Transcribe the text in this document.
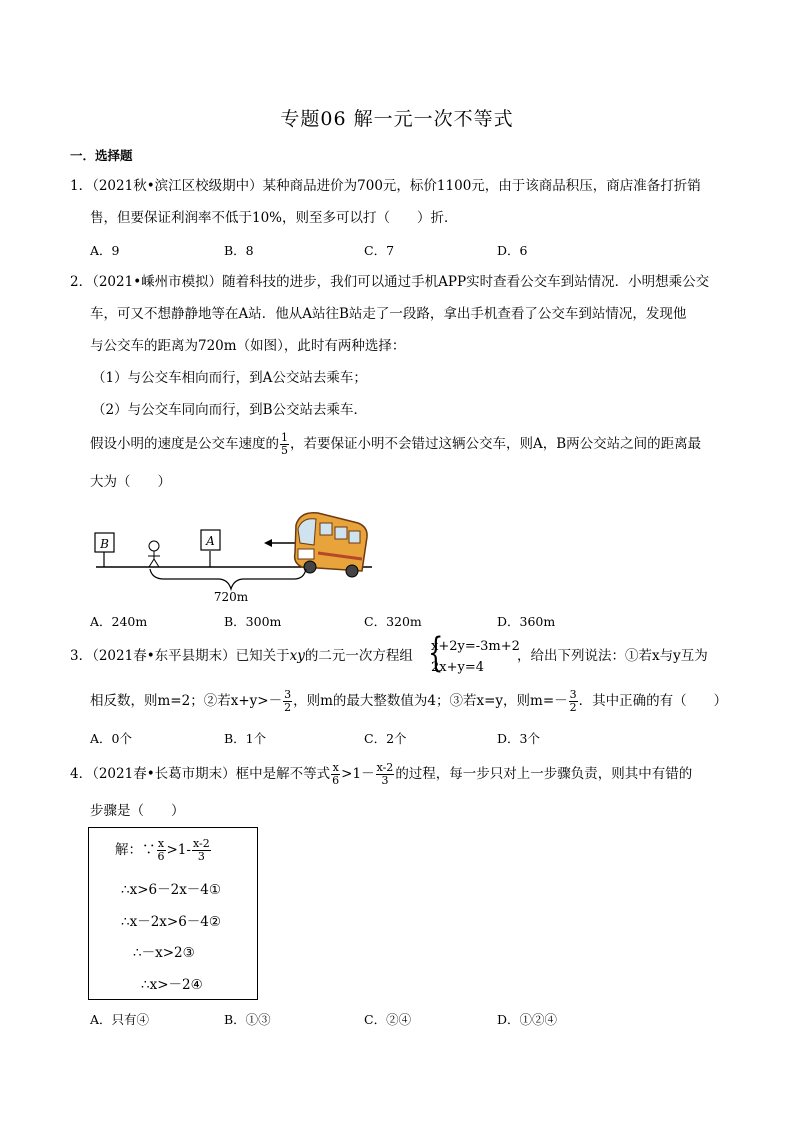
专题06 解一元一次不等式
一．选择题
1．（2021秋•滨江区校级期中）某种商品进价为700元，标价1100元，由于该商品积压，商店准备打折销
售，但要保证利润率不低于10%，则至多可以打（　　）折．
A．9	B．8	C．7	D．6
2．（2021•嵊州市模拟）随着科技的进步，我们可以通过手机APP实时查看公交车到站情况．小明想乘公交
车，可又不想静静地等在A站．他从A站往B站走了一段路，拿出手机查看了公交车到站情况，发现他
与公交车的距离为720m（如图），此时有两种选择：
（1）与公交车相向而行，到A公交站去乘车；
（2）与公交车同向而行，到B公交站去乘车．
假设小明的速度是公交车速度的 $\frac{1}{5}$ ，若要保证小明不会错过这辆公交车，则A，B两公交站之间的距离最
大为（　　）
B	A
720m
A．240m	B．300m	C．320m	D．360m
3．（2021春•东平县期末）已知关于xy的二元一次方程组 {
x+2y=-3m+2
2x+y=4
，给出下列说法：①若x与y互为
相反数，则m=2；②若$x+y>- \frac{3}{2}$ ，则m的最大整数值为4；③若x=y，则$m=- \frac{3}{2}$ ．其中正确的有（　　）
A．0个	B．1个	C．2个	D．3个
4．（2021春•长葛市期末）框中是解不等式 $\frac{x}{6} >1- \frac{x-2}{3}$ 的过程，每一步只对上一步骤负责，则其中有错的
步骤是（　　）
解：∵ $\frac{x}{6} >1- \frac{x-2}{3}$
∴x>6－2x－4①
∴x－2x>6－4②
∴－x>2③
∴x>－2④
A．只有④	B．①③	C．②④	D．①②④
